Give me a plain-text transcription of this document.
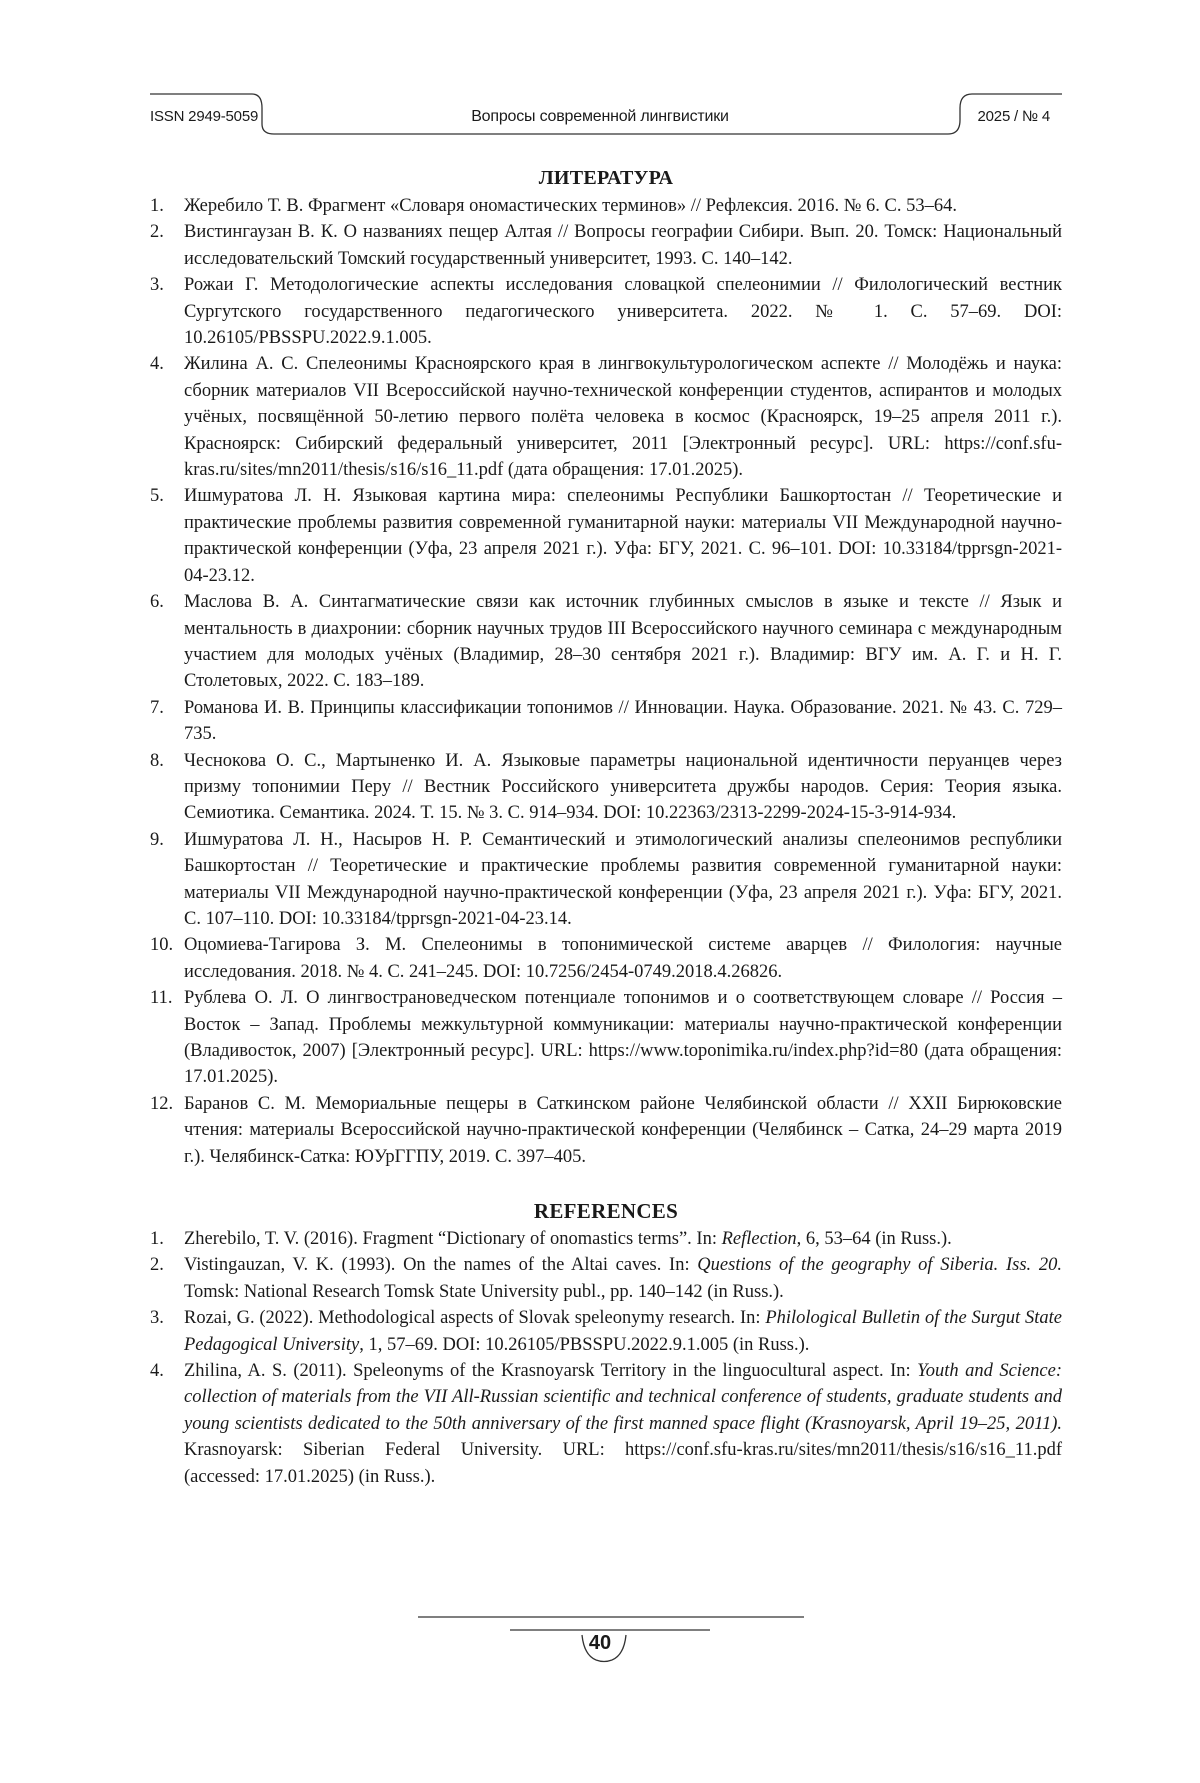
ISSN 2949-5059	Вопросы современной лингвистики	2025 / № 4
ЛИТЕРАТУРА
1. Жеребило Т. В. Фрагмент «Словаря ономастических терминов» // Рефлексия. 2016. № 6. С. 53–64.
2. Вистингаузан В. К. О названиях пещер Алтая // Вопросы географии Сибири. Вып. 20. Томск: Национальный исследовательский Томский государственный университет, 1993. С. 140–142.
3. Рожаи Г. Методологические аспекты исследования словацкой спелеонимии // Филологический вестник Сургутского государственного педагогического университета. 2022. № 1. С. 57–69. DOI: 10.26105/PBSSPU.2022.9.1.005.
4. Жилина А. С. Спелеонимы Красноярского края в лингвокультурологическом аспекте // Молодёжь и наука: сборник материалов VII Всероссийской научно-технической конференции студентов, аспирантов и молодых учёных, посвящённой 50-летию первого полёта человека в космос (Красноярск, 19–25 апреля 2011 г.). Красноярск: Сибирский федеральный университет, 2011 [Электронный ресурс]. URL: https://conf.sfu-kras.ru/sites/mn2011/thesis/s16/s16_11.pdf (дата обращения: 17.01.2025).
5. Ишмуратова Л. Н. Языковая картина мира: спелеонимы Республики Башкортостан // Теоретические и практические проблемы развития современной гуманитарной науки: материалы VII Международной научно-практической конференции (Уфа, 23 апреля 2021 г.). Уфа: БГУ, 2021. С. 96–101. DOI: 10.33184/tpprsgn-2021-04-23.12.
6. Маслова В. А. Синтагматические связи как источник глубинных смыслов в языке и тексте // Язык и ментальность в диахронии: сборник научных трудов III Всероссийского научного семинара с международным участием для молодых учёных (Владимир, 28–30 сентября 2021 г.). Владимир: ВГУ им. А. Г. и Н. Г. Столетовых, 2022. С. 183–189.
7. Романова И. В. Принципы классификации топонимов // Инновации. Наука. Образование. 2021. № 43. С. 729–735.
8. Чеснокова О. С., Мартыненко И. А. Языковые параметры национальной идентичности перуанцев через призму топонимии Перу // Вестник Российского университета дружбы народов. Серия: Теория языка. Семиотика. Семантика. 2024. Т. 15. № 3. С. 914–934. DOI: 10.22363/2313-2299-2024-15-3-914-934.
9. Ишмуратова Л. Н., Насыров Н. Р. Семантический и этимологический анализы спелеонимов республики Башкортостан // Теоретические и практические проблемы развития современной гуманитарной науки: материалы VII Международной научно-практической конференции (Уфа, 23 апреля 2021 г.). Уфа: БГУ, 2021. С. 107–110. DOI: 10.33184/tpprsgn-2021-04-23.14.
10. Оцомиева-Тагирова З. М. Спелеонимы в топонимической системе аварцев // Филология: научные исследования. 2018. № 4. С. 241–245. DOI: 10.7256/2454-0749.2018.4.26826.
11. Рублева О. Л. О лингвострановедческом потенциале топонимов и о соответствующем словаре // Россия – Восток – Запад. Проблемы межкультурной коммуникации: материалы научно-практической конференции (Владивосток, 2007) [Электронный ресурс]. URL: https://www.toponimika.ru/index.php?id=80 (дата обращения: 17.01.2025).
12. Баранов С. М. Мемориальные пещеры в Саткинском районе Челябинской области // XXII Бирюковские чтения: материалы Всероссийской научно-практической конференции (Челябинск – Сатка, 24–29 марта 2019 г.). Челябинск-Сатка: ЮУрГГПУ, 2019. С. 397–405.
REFERENCES
1. Zherebilo, T. V. (2016). Fragment “Dictionary of onomastics terms”. In: Reflection, 6, 53–64 (in Russ.).
2. Vistingauzan, V. K. (1993). On the names of the Altai caves. In: Questions of the geography of Siberia. Iss. 20. Tomsk: National Research Tomsk State University publ., pp. 140–142 (in Russ.).
3. Rozai, G. (2022). Methodological aspects of Slovak speleonymy research. In: Philological Bulletin of the Surgut State Pedagogical University, 1, 57–69. DOI: 10.26105/PBSSPU.2022.9.1.005 (in Russ.).
4. Zhilina, A. S. (2011). Speleonyms of the Krasnoyarsk Territory in the linguocultural aspect. In: Youth and Science: collection of materials from the VII All-Russian scientific and technical conference of students, graduate students and young scientists dedicated to the 50th anniversary of the first manned space flight (Krasnoyarsk, April 19–25, 2011). Krasnoyarsk: Siberian Federal University. URL: https://conf.sfu-kras.ru/sites/mn2011/thesis/s16/s16_11.pdf (accessed: 17.01.2025) (in Russ.).
40
